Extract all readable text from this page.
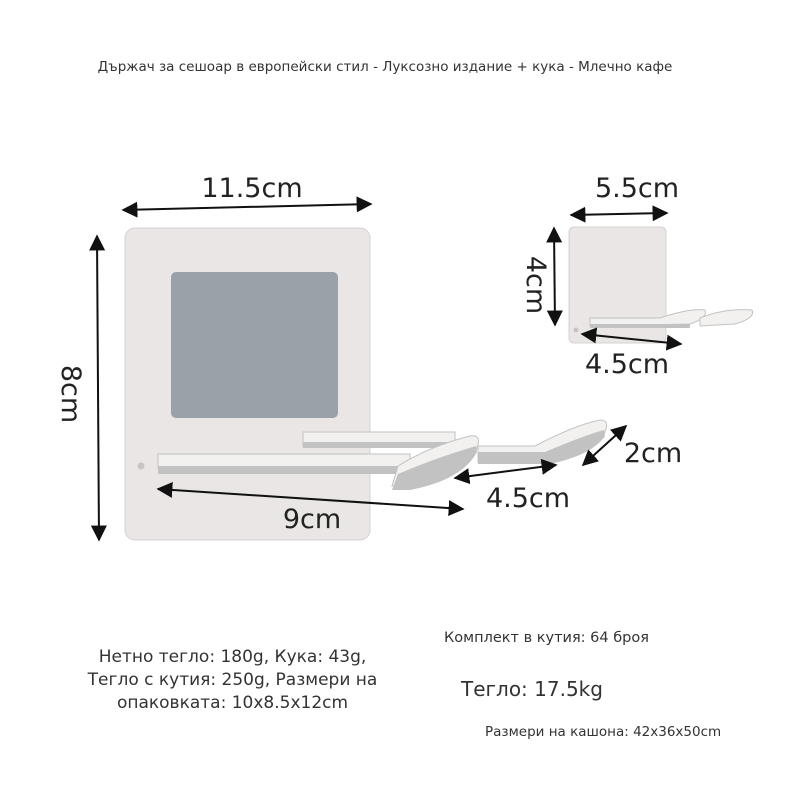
11.5cm
8cm
9cm
4.5cm
2cm
5.5cm
4cm
4.5cm
Държач за сешоар в европейски стил - Луксозно издание + кука - Млечно кафе
Нетно тегло: 180g, Кука: 43g,
Тегло с кутия: 250g, Размери на
опаковката: 10x8.5x12cm
Комплект в кутия: 64 броя
Тегло: 17.5kg
Размери на кашона: 42x36x50cm
